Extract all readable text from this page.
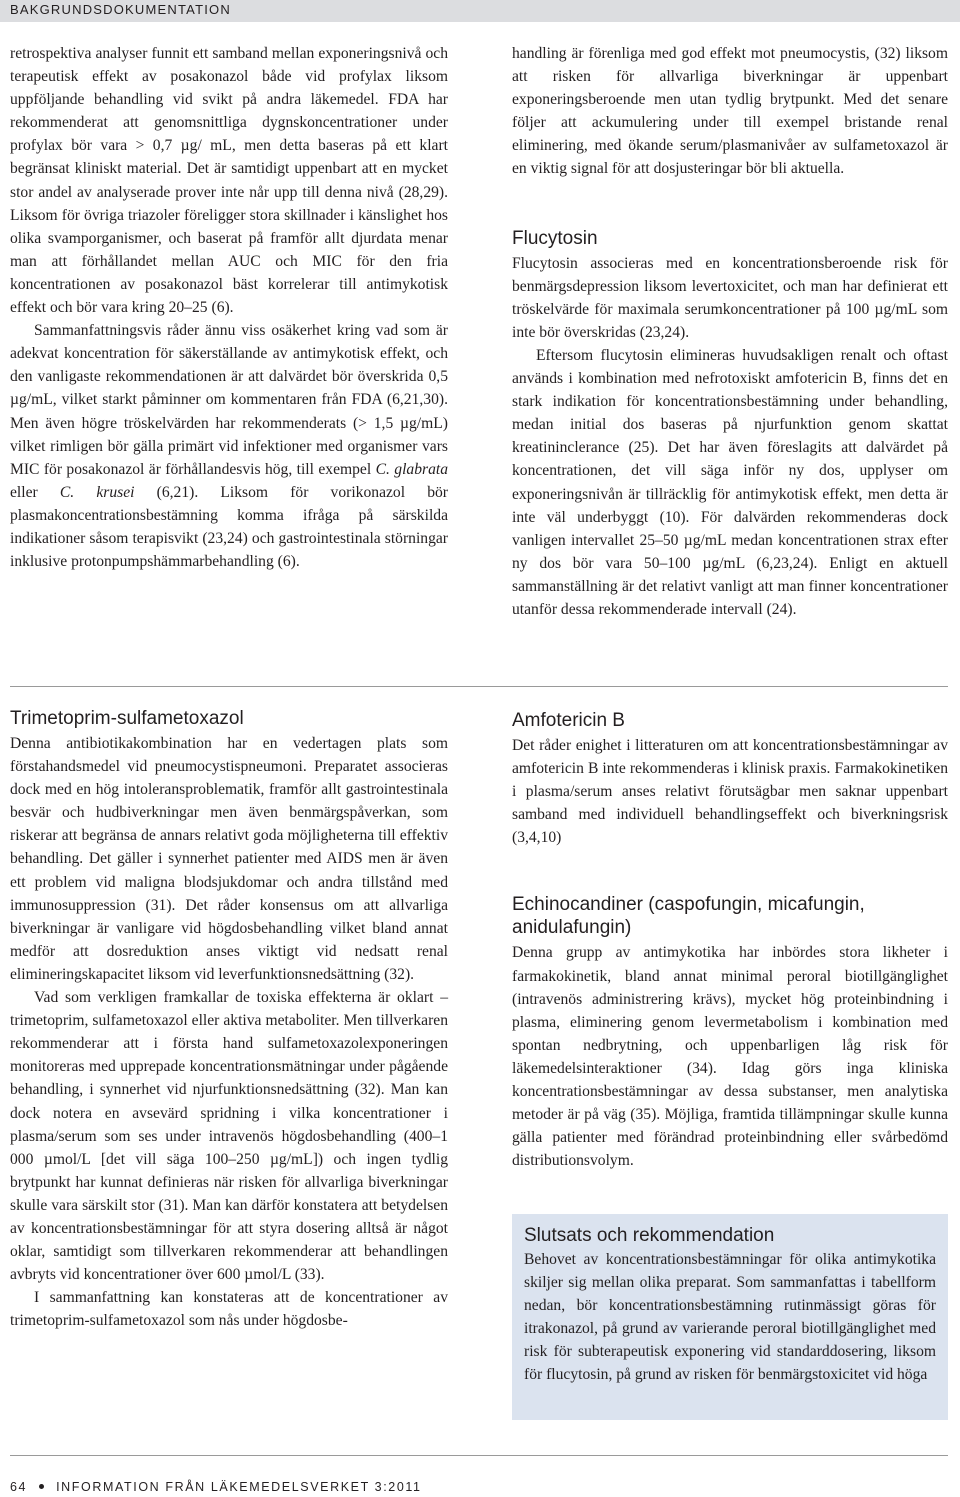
BAKGRUNDSDOKUMENTATION

retrospektiva analyser funnit ett samband mellan exponeringsnivå och terapeutisk effekt av posakonazol både vid profylax liksom uppföljande behandling vid svikt på andra läkemedel. FDA har rekommenderat att genomsnittliga dygnskoncentrationer under profylax bör vara > 0,7 µg/ mL, men detta baseras på ett klart begränsat kliniskt material. Det är samtidigt uppenbart att en mycket stor andel av analyserade prover inte når upp till denna nivå (28,29). Liksom för övriga triazoler föreligger stora skillnader i känslighet hos olika svamporganismer, och baserat på framför allt djurdata menar man att förhållandet mellan AUC och MIC för den fria koncentrationen av posakonazol bäst korrelerar till antimykotisk effekt och bör vara kring 20–25 (6).

Sammanfattningsvis råder ännu viss osäkerhet kring vad som är adekvat koncentration för säkerställande av antimykotisk effekt, och den vanligaste rekommendationen är att dalvärdet bör överskrida 0,5 µg/mL, vilket starkt påminner om kommentaren från FDA (6,21,30). Men även högre tröskelvärden har rekommenderats (> 1,5 µg/mL) vilket rimligen bör gälla primärt vid infektioner med organismer vars MIC för posakonazol är förhållandesvis hög, till exempel C. glabrata eller C. krusei (6,21). Liksom för vorikonazol bör plasmakoncentrationsbestämning komma ifråga på särskilda indikationer såsom terapisvikt (23,24) och gastrointestinala störningar inklusive protonpumpshämmarbehandling (6).

handling är förenliga med god effekt mot pneumocystis, (32) liksom att risken för allvarliga biverkningar är uppenbart exponeringsberoende men utan tydlig brytpunkt. Med det senare följer att ackumulering under till exempel bristande renal eliminering, med ökande serum/plasmanivåer av sulfametoxazol är en viktig signal för att dosjusteringar bör bli aktuella.

Flucytosin

Flucytosin associeras med en koncentrationsberoende risk för benmärgsdepression liksom levertoxicitet, och man har definierat ett tröskelvärde för maximala serumkoncentrationer på 100 µg/mL som inte bör överskridas (23,24).

Eftersom flucytosin elimineras huvudsakligen renalt och oftast används i kombination med nefrotoxiskt amfotericin B, finns det en stark indikation för koncentrationsbestämning under behandling, medan initial dos baseras på njurfunktion genom skattat kreatininclerance (25). Det har även föreslagits att dalvärdet på koncentrationen, det vill säga inför ny dos, upplyser om exponeringsnivån är tillräcklig för antimykotisk effekt, men detta är inte väl underbyggt (10). För dalvärden rekommenderas dock vanligen intervallet 25–50 µg/mL medan koncentrationen strax efter ny dos bör vara 50–100 µg/mL (6,23,24). Enligt en aktuell sammanställning är det relativt vanligt att man finner koncentrationer utanför dessa rekommenderade intervall (24).

Trimetoprim-sulfametoxazol

Denna antibiotikakombination har en vedertagen plats som förstahandsmedel vid pneumocystispneumoni. Preparatet associeras dock med en hög intoleransproblematik, framför allt gastrointestinala besvär och hudbiverkningar men även benmärgspåverkan, som riskerar att begränsa de annars relativt goda möjligheterna till effektiv behandling. Det gäller i synnerhet patienter med AIDS men är även ett problem vid maligna blodsjukdomar och andra tillstånd med immunosuppression (31). Det råder konsensus om att allvarliga biverkningar är vanligare vid högdosbehandling vilket bland annat medför att dosreduktion anses viktigt vid nedsatt renal elimineringskapacitet liksom vid leverfunktionsnedsättning (32).

Vad som verkligen framkallar de toxiska effekterna är oklart – trimetoprim, sulfametoxazol eller aktiva metaboliter. Men tillverkaren rekommenderar att i första hand sulfametoxazolexponeringen monitoreras med upprepade koncentrationsmätningar under pågående behandling, i synnerhet vid njurfunktionsnedsättning (32). Man kan dock notera en avsevärd spridning i vilka koncentrationer i plasma/serum som ses under intravenös högdosbehandling (400–1 000 µmol/L [det vill säga 100–250 µg/mL]) och ingen tydlig brytpunkt har kunnat definieras när risken för allvarliga biverkningar skulle vara särskilt stor (31). Man kan därför konstatera att betydelsen av koncentrationsbestämningar för att styra dosering alltså är något oklar, samtidigt som tillverkaren rekommenderar att behandlingen avbryts vid koncentrationer över 600 µmol/L (33).

I sammanfattning kan konstateras att de koncentrationer av trimetoprim-sulfametoxazol som nås under högdosbe-

Amfotericin B

Det råder enighet i litteraturen om att koncentrationsbestämningar av amfotericin B inte rekommenderas i klinisk praxis. Farmakokinetiken i plasma/serum anses relativt förutsägbar men saknar uppenbart samband med individuell behandlingseffekt och biverkningsrisk (3,4,10)

Echinocandiner (caspofungin, micafungin, anidulafungin)

Denna grupp av antimykotika har inbördes stora likheter i farmakokinetik, bland annat minimal peroral biotillgänglighet (intravenös administrering krävs), mycket hög proteinbindning i plasma, eliminering genom levermetabolism i kombination med spontan nedbrytning, och uppenbarligen låg risk för läkemedelsinteraktioner (34). Idag görs inga kliniska koncentrationsbestämningar av dessa substanser, men analytiska metoder är på väg (35). Möjliga, framtida tillämpningar skulle kunna gälla patienter med förändrad proteinbindning eller svårbedömd distributionsvolym.

Slutsats och rekommendation

Behovet av koncentrationsbestämningar för olika antimykotika skiljer sig mellan olika preparat. Som sammanfattas i tabellform nedan, bör koncentrationsbestämning rutinmässigt göras för itrakonazol, på grund av varierande peroral biotillgänglighet med risk för subterapeutisk exponering vid standarddosering, liksom för flucytosin, på grund av risken för benmärgstoxicitet vid höga

64 INFORMATION FRÅN LÄKEMEDELSVERKET 3:2011
